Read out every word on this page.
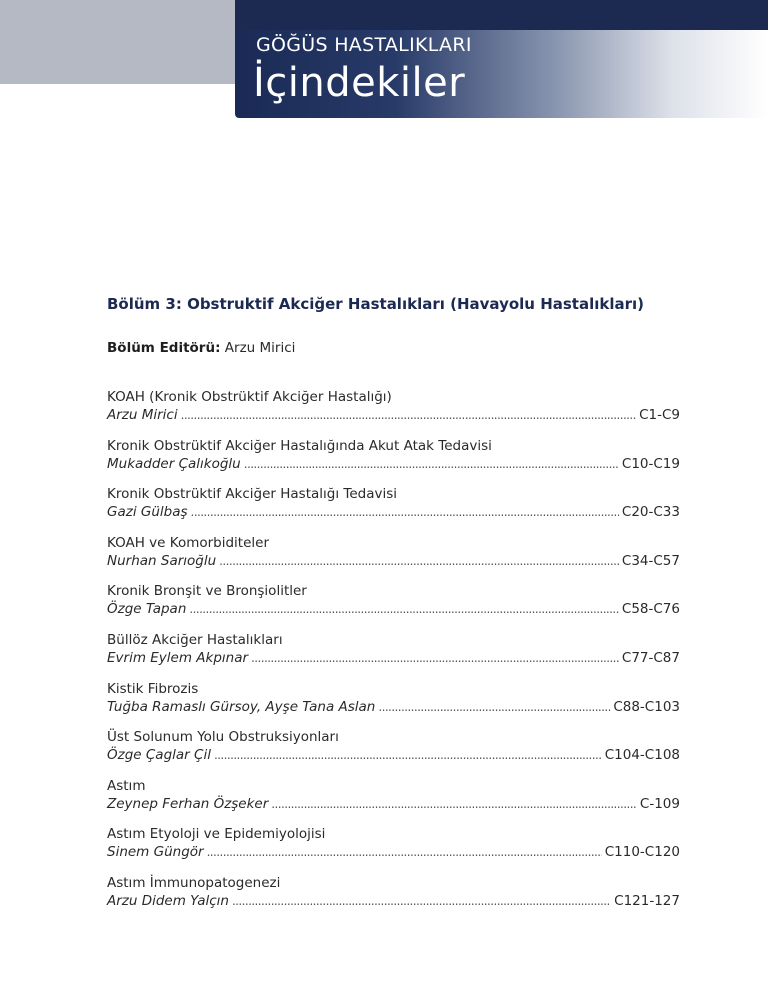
GÖĞÜS HASTALIKLARI
İçindekiler
Bölüm 3: Obstruktif Akciğer Hastalıkları (Havayolu Hastalıkları)
Bölüm Editörü: Arzu Mirici
KOAH (Kronik Obstrüktif Akciğer Hastalığı)
Arzu Mirici . . .	C1-C9
Kronik Obstrüktif Akciğer Hastalığında Akut Atak Tedavisi
Mukadder Çalıkoğlu . . .	C10-C19
Kronik Obstrüktif Akciğer Hastalığı Tedavisi
Gazi Gülbaş . . .	C20-C33
KOAH ve Komorbiditeler
Nurhan Sarıoğlu . . .	C34-C57
Kronik Bronşit ve Bronşiolitler
Özge Tapan . . .	C58-C76
Büllöz Akciğer Hastalıkları
Evrim Eylem Akpınar . . .	C77-C87
Kistik Fibrozis
Tuğba Ramaslı Gürsoy, Ayşe Tana Aslan . . .	C88-C103
Üst Solunum Yolu Obstruksiyonları
Özge Çaglar Çil . . .	C104-C108
Astım
Zeynep Ferhan Özşeker . . .	C-109
Astım Etyoloji ve Epidemiyolojisi
Sinem Güngör . . .	C110-C120
Astım İmmunopatogenezi
Arzu Didem Yalçın . . .	C121-127
